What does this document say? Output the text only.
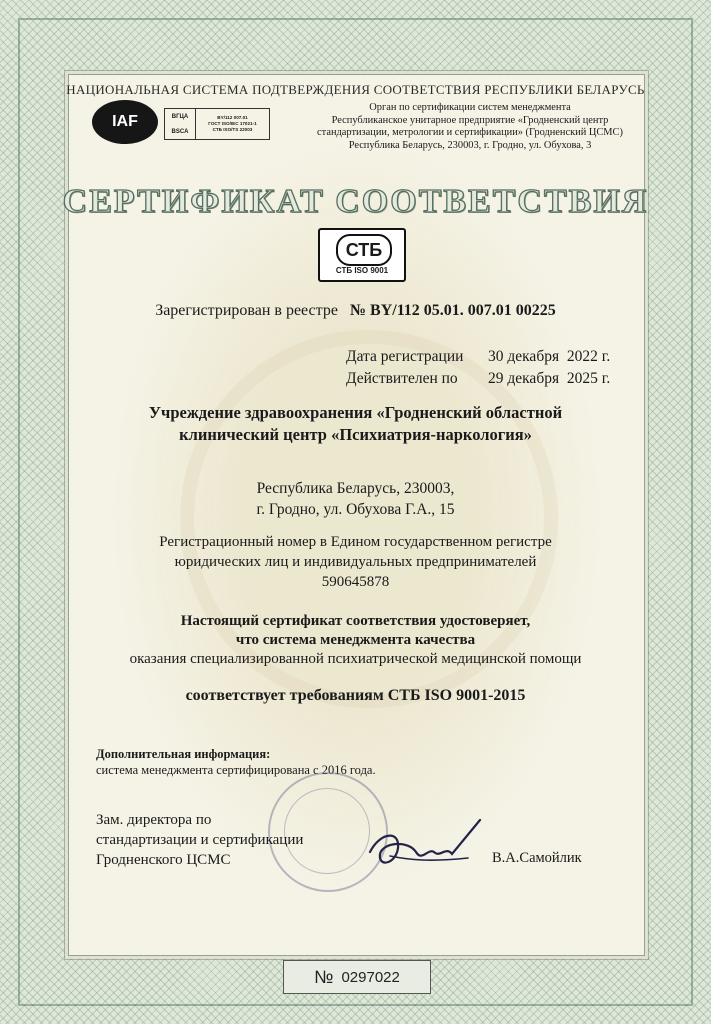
НАЦИОНАЛЬНАЯ СИСТЕМА ПОДТВЕРЖДЕНИЯ СООТВЕТСТВИЯ РЕСПУБЛИКИ БЕЛАРУСЬ
IAF	ВГЦА
BSCA
BY/112 007.01
ГОСТ ISO/IEC 17021-1
СТБ ISO/TS 22003
Орган по сертификации систем менеджмента
Республиканское унитарное предприятие «Гродненский центр
стандартизации, метрологии и сертификации» (Гродненский ЦСМС)
Республика Беларусь, 230003, г. Гродно, ул. Обухова, 3
СЕРТИФИКАТ СООТВЕТСТВИЯ
СТБ
СТБ ISO 9001
Зарегистрирован в реестре № BY/112 05.01. 007.01 00225
Дата регистрации	30 декабря  2022 г.
Действителен по	29 декабря  2025 г.
Учреждение здравоохранения «Гродненский областной
клинический центр «Психиатрия-наркология»
Республика Беларусь, 230003,
г. Гродно, ул. Обухова Г.А., 15
Регистрационный номер в Едином государственном регистре
юридических лиц и индивидуальных предпринимателей
590645878
Настоящий сертификат соответствия удостоверяет,
что система менеджмента качества
оказания специализированной психиатрической медицинской помощи
соответствует требованиям СТБ ISO 9001-2015
Дополнительная информация:
система менеджмента сертифицирована с 2016 года.
Зам. директора по
стандартизации и сертификации
Гродненского ЦСМС	В.А.Самойлик
№ 0297022
